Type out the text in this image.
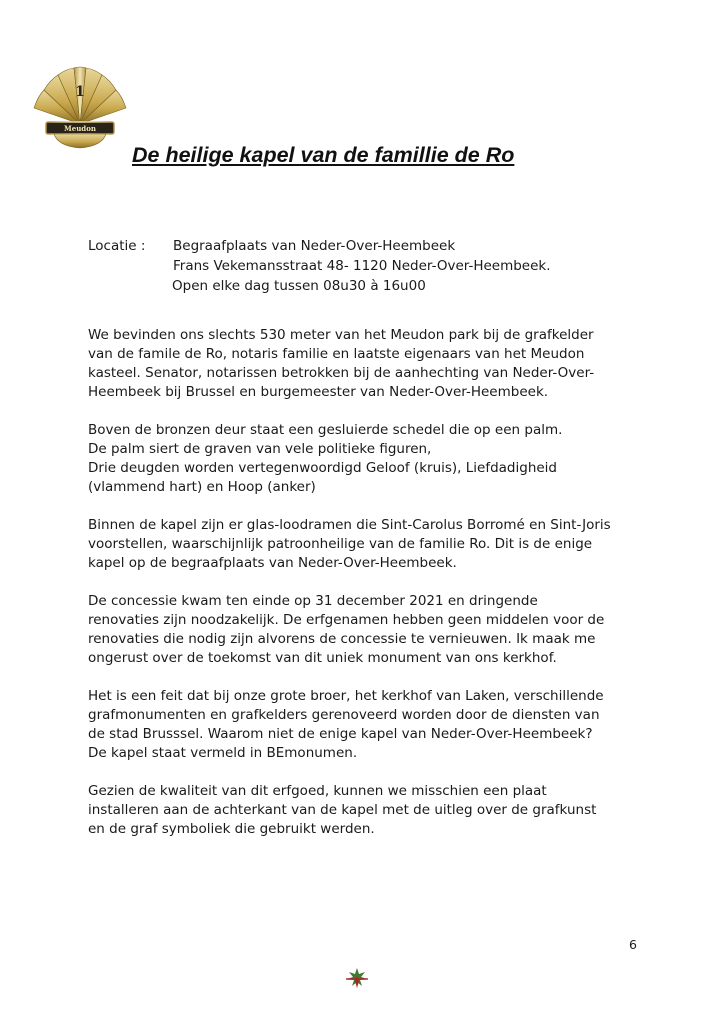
1
Meudon
De heilige kapel van de famillie de Ro
Locatie : Begraafplaats van Neder-Over-Heembeek
Frans Vekemansstraat 48- 1120 Neder-Over-Heembeek.
Open elke dag tussen 08u30 à 16u00
We bevinden ons slechts 530 meter van het Meudon park bij de grafkelder
van de famile de Ro, notaris familie en laatste eigenaars van het Meudon
kasteel. Senator, notarissen betrokken bij de aanhechting van Neder-Over-
Heembeek bij Brussel en burgemeester van Neder-Over-Heembeek.
Boven de bronzen deur staat een gesluierde schedel die op een palm.
De palm siert de graven van vele politieke figuren,
Drie deugden worden vertegenwoordigd Geloof (kruis), Liefdadigheid
(vlammend hart) en Hoop (anker)
Binnen de kapel zijn er glas-loodramen die Sint-Carolus Borromé en Sint-Joris
voorstellen, waarschijnlijk patroonheilige van de familie Ro. Dit is de enige
kapel op de begraafplaats van Neder-Over-Heembeek.
De concessie kwam ten einde op 31 december 2021 en dringende
renovaties zijn noodzakelijk. De erfgenamen hebben geen middelen voor de
renovaties die nodig zijn alvorens de concessie te vernieuwen. Ik maak me
ongerust over de toekomst van dit uniek monument van ons kerkhof.
Het is een feit dat bij onze grote broer, het kerkhof van Laken, verschillende
grafmonumenten en grafkelders gerenoveerd worden door de diensten van
de stad Brusssel. Waarom niet de enige kapel van Neder-Over-Heembeek?
De kapel staat vermeld in BEmonumen.
Gezien de kwaliteit van dit erfgoed, kunnen we misschien een plaat
installeren aan de achterkant van de kapel met de uitleg over de grafkunst
en de graf symboliek die gebruikt werden.
6
